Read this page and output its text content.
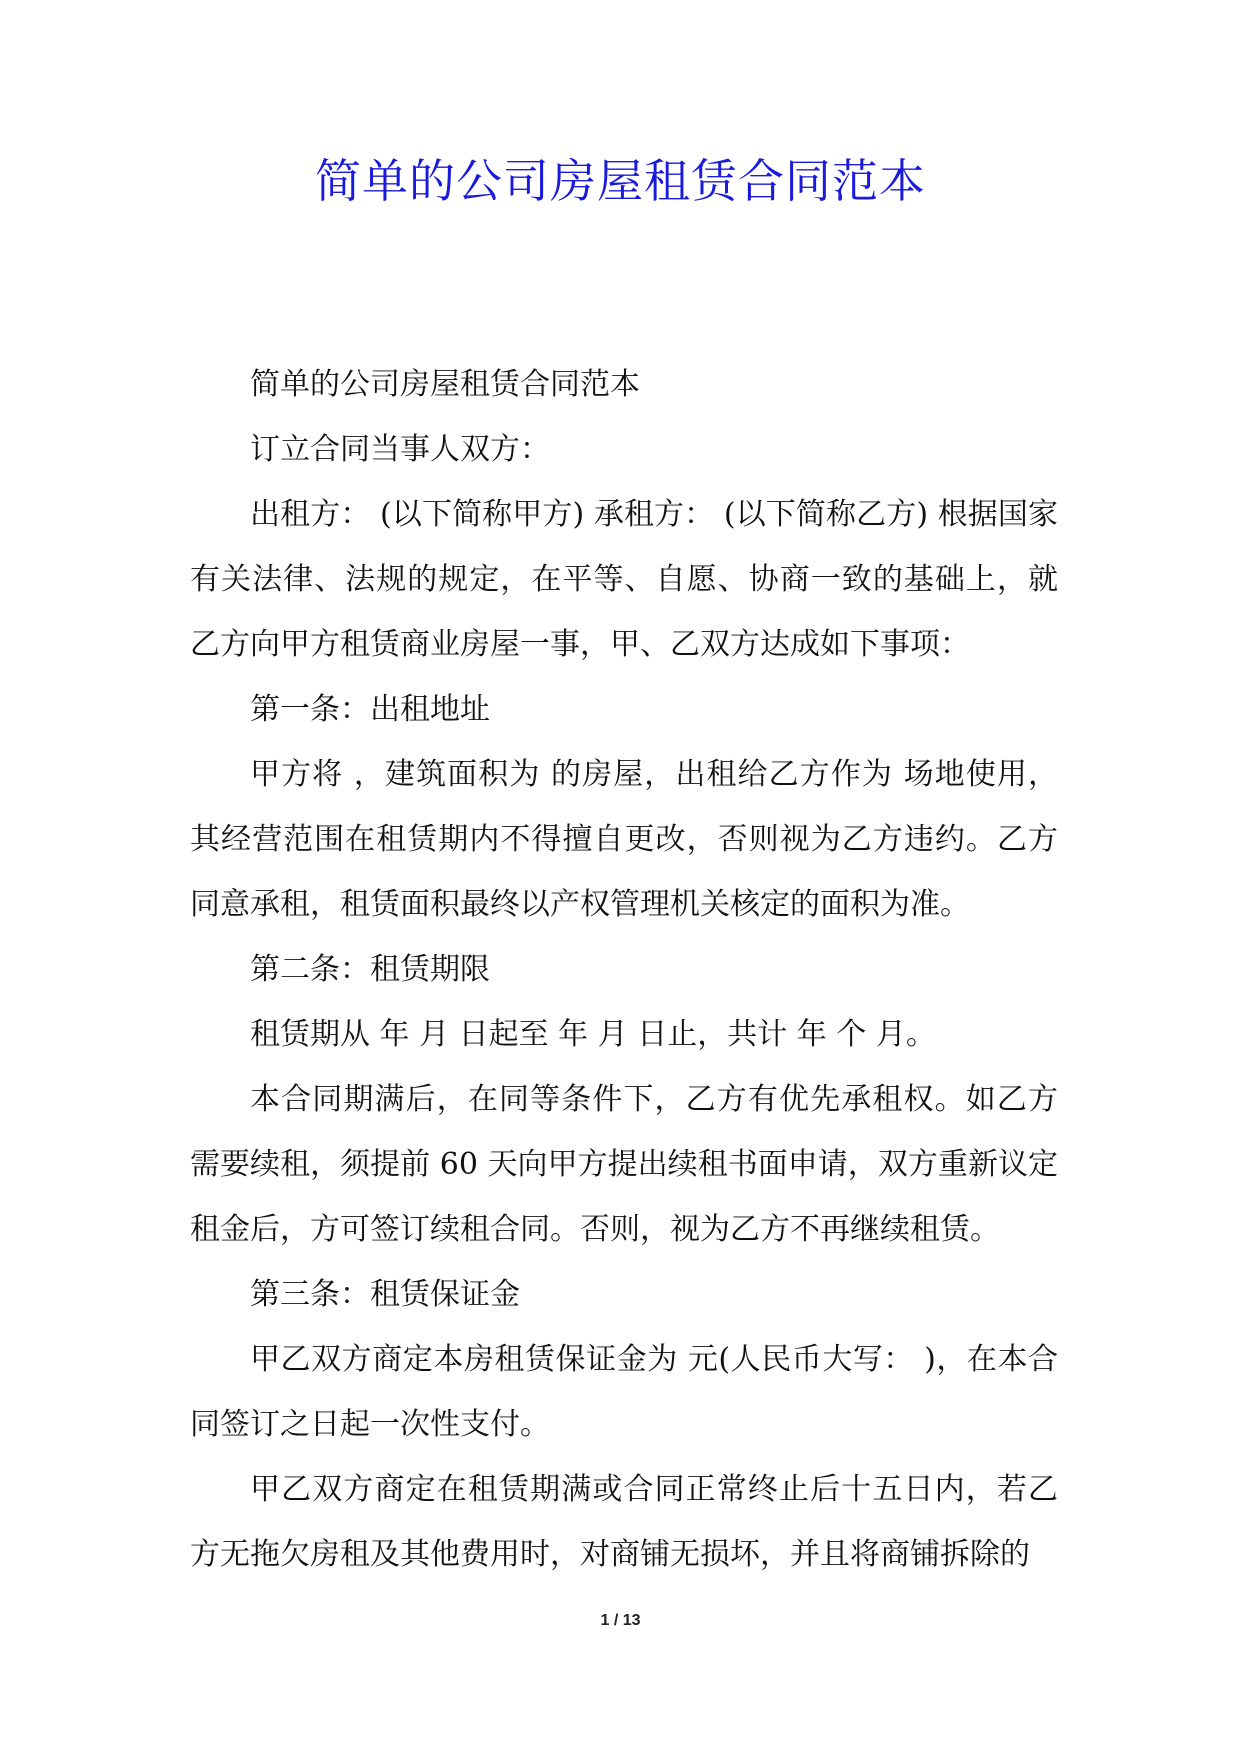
简单的公司房屋租赁合同范本

简单的公司房屋租赁合同范本

订立合同当事人双方：

出租方： (以下简称甲方) 承租方： (以下简称乙方) 根据国家有关法律、法规的规定，在平等、自愿、协商一致的基础上，就乙方向甲方租赁商业房屋一事，甲、乙双方达成如下事项：

第一条：出租地址

甲方将 ，建筑面积为 的房屋，出租给乙方作为 场地使用，其经营范围在租赁期内不得擅自更改，否则视为乙方违约。乙方同意承租，租赁面积最终以产权管理机关核定的面积为准。

第二条：租赁期限

租赁期从 年 月 日起至 年 月 日止，共计 年 个 月。

本合同期满后，在同等条件下，乙方有优先承租权。如乙方需要续租，须提前 60 天向甲方提出续租书面申请，双方重新议定租金后，方可签订续租合同。否则，视为乙方不再继续租赁。

第三条：租赁保证金

甲乙双方商定本房租赁保证金为 元(人民币大写： )，在本合同签订之日起一次性支付。

甲乙双方商定在租赁期满或合同正常终止后十五日内，若乙方无拖欠房租及其他费用时，对商铺无损坏，并且将商铺拆除的

1 / 13
